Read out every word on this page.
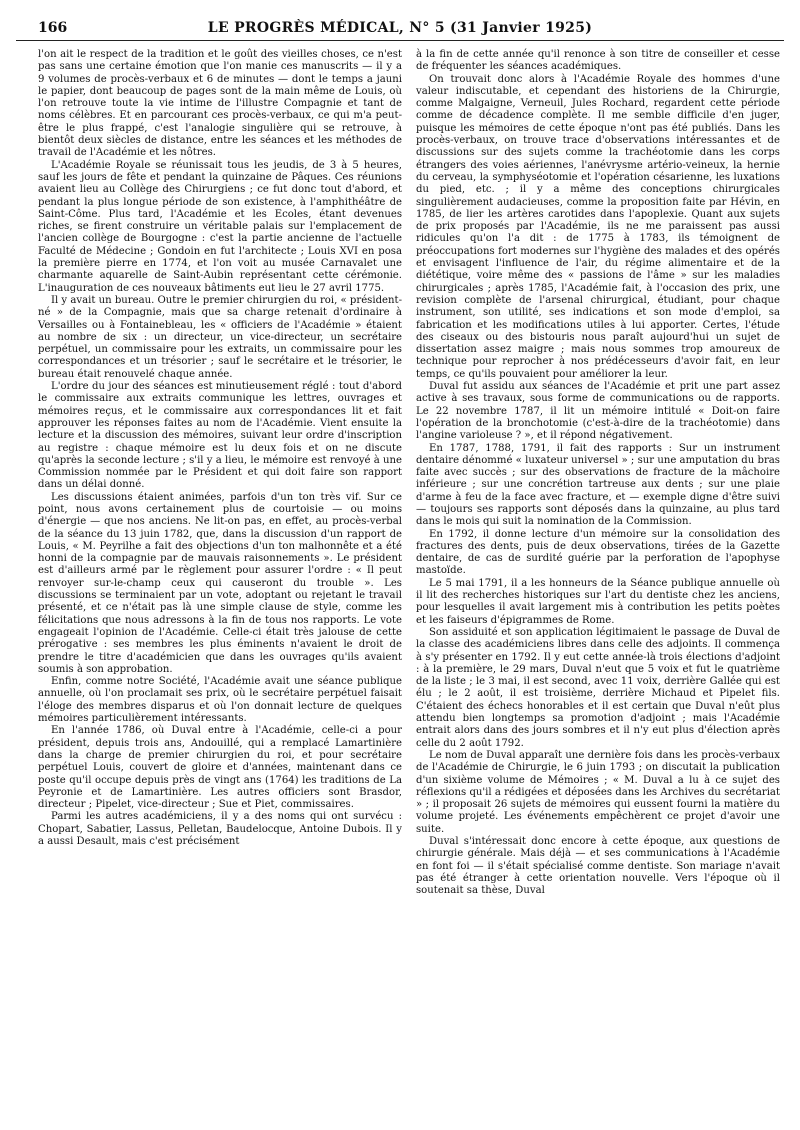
166	LE PROGRÈS MÉDICAL, N° 5 (31 Janvier 1925)

l'on ait le respect de la tradition et le goût des vieilles choses, ce n'est pas sans une certaine émotion que l'on manie ces manuscrits — il y a 9 volumes de procès-verbaux et 6 de minutes — dont le temps a jauni le papier, dont beaucoup de pages sont de la main même de Louis, où l'on retrouve toute la vie intime de l'illustre Compagnie et tant de noms célèbres. Et en parcourant ces procès-verbaux, ce qui m'a peut-être le plus frappé, c'est l'analogie singulière qui se retrouve, à bientôt deux siècles de distance, entre les séances et les méthodes de travail de l'Académie et les nôtres.

L'Académie Royale se réunissait tous les jeudis, de 3 à 5 heures, sauf les jours de fête et pendant la quinzaine de Pâques. Ces réunions avaient lieu au Collège des Chirurgiens ; ce fut donc tout d'abord, et pendant la plus longue période de son existence, à l'amphithéâtre de Saint-Côme. Plus tard, l'Académie et les Ecoles, étant devenues riches, se firent construire un véritable palais sur l'emplacement de l'ancien collège de Bourgogne : c'est la partie ancienne de l'actuelle Faculté de Médecine ; Gondoin en fut l'architecte ; Louis XVI en posa la première pierre en 1774, et l'on voit au musée Carnavalet une charmante aquarelle de Saint-Aubin représentant cette cérémonie. L'inauguration de ces nouveaux bâtiments eut lieu le 27 avril 1775.

Il y avait un bureau. Outre le premier chirurgien du roi, « président-né » de la Compagnie, mais que sa charge retenait d'ordinaire à Versailles ou à Fontainebleau, les « officiers de l'Académie » étaient au nombre de six : un directeur, un vice-directeur, un secrétaire perpétuel, un commissaire pour les extraits, un commissaire pour les correspondances et un trésorier ; sauf le secrétaire et le trésorier, le bureau était renouvelé chaque année.

L'ordre du jour des séances est minutieusement réglé : tout d'abord le commissaire aux extraits communique les lettres, ouvrages et mémoires reçus, et le commissaire aux correspondances lit et fait approuver les réponses faites au nom de l'Académie. Vient ensuite la lecture et la discussion des mémoires, suivant leur ordre d'inscription au registre : chaque mémoire est lu deux fois et on ne discute qu'après la seconde lecture ; s'il y a lieu, le mémoire est renvoyé à une Commission nommée par le Président et qui doit faire son rapport dans un délai donné.

Les discussions étaient animées, parfois d'un ton très vif. Sur ce point, nous avons certainement plus de courtoisie — ou moins d'énergie — que nos anciens. Ne lit-on pas, en effet, au procès-verbal de la séance du 13 juin 1782, que, dans la discussion d'un rapport de Louis, « M. Peyrilhe a fait des objections d'un ton malhonnête et a été honni de la compagnie par de mauvais raisonnements ». Le président est d'ailleurs armé par le règlement pour assurer l'ordre : « Il peut renvoyer sur-le-champ ceux qui causeront du trouble ». Les discussions se terminaient par un vote, adoptant ou rejetant le travail présenté, et ce n'était pas là une simple clause de style, comme les félicitations que nous adressons à la fin de tous nos rapports. Le vote engageait l'opinion de l'Académie. Celle-ci était très jalouse de cette prérogative : ses membres les plus éminents n'avaient le droit de prendre le titre d'académicien que dans les ouvrages qu'ils avaient soumis à son approbation.

Enfin, comme notre Société, l'Académie avait une séance publique annuelle, où l'on proclamait ses prix, où le secrétaire perpétuel faisait l'éloge des membres disparus et où l'on donnait lecture de quelques mémoires particulièrement intéressants.

En l'année 1786, où Duval entre à l'Académie, celle-ci a pour président, depuis trois ans, Andouillé, qui a remplacé Lamartinière dans la charge de premier chirurgien du roi, et pour secrétaire perpétuel Louis, couvert de gloire et d'années, maintenant dans ce poste qu'il occupe depuis près de vingt ans (1764) les traditions de La Peyronie et de Lamartinière. Les autres officiers sont Brasdor, directeur ; Pipelet, vice-directeur ; Sue et Piet, commissaires.

Parmi les autres académiciens, il y a des noms qui ont survécu : Chopart, Sabatier, Lassus, Pelletan, Baudelocque, Antoine Dubois. Il y a aussi Desault, mais c'est précisément

à la fin de cette année qu'il renonce à son titre de conseiller et cesse de fréquenter les séances académiques.

On trouvait donc alors à l'Académie Royale des hommes d'une valeur indiscutable, et cependant des historiens de la Chirurgie, comme Malgaigne, Verneuil, Jules Rochard, regardent cette période comme de décadence complète. Il me semble difficile d'en juger, puisque les mémoires de cette époque n'ont pas été publiés. Dans les procès-verbaux, on trouve trace d'observations intéressantes et de discussions sur des sujets comme la trachéotomie dans les corps étrangers des voies aériennes, l'anévrysme artério-veineux, la hernie du cerveau, la symphyséotomie et l'opération césarienne, les luxations du pied, etc. ; il y a même des conceptions chirurgicales singulièrement audacieuses, comme la proposition faite par Hévin, en 1785, de lier les artères carotides dans l'apoplexie. Quant aux sujets de prix proposés par l'Académie, ils ne me paraissent pas aussi ridicules qu'on l'a dit : de 1775 à 1783, ils témoignent de préoccupations fort modernes sur l'hygiène des malades et des opérés et envisagent l'influence de l'air, du régime alimentaire et de la diététique, voire même des « passions de l'âme » sur les maladies chirurgicales ; après 1785, l'Académie fait, à l'occasion des prix, une revision complète de l'arsenal chirurgical, étudiant, pour chaque instrument, son utilité, ses indications et son mode d'emploi, sa fabrication et les modifications utiles à lui apporter. Certes, l'étude des ciseaux ou des bistouris nous paraît aujourd'hui un sujet de dissertation assez maigre ; mais nous sommes trop amoureux de technique pour reprocher à nos prédécesseurs d'avoir fait, en leur temps, ce qu'ils pouvaient pour améliorer la leur.

Duval fut assidu aux séances de l'Académie et prit une part assez active à ses travaux, sous forme de communications ou de rapports. Le 22 novembre 1787, il lit un mémoire intitulé « Doit-on faire l'opération de la bronchotomie (c'est-à-dire de la trachéotomie) dans l'angine varioleuse ? », et il répond négativement.

En 1787, 1788, 1791, il fait des rapports : Sur un instrument dentaire dénommé « luxateur universel » ; sur une amputation du bras faite avec succès ; sur des observations de fracture de la mâchoire inférieure ; sur une concrétion tartreuse aux dents ; sur une plaie d'arme à feu de la face avec fracture, et — exemple digne d'être suivi — toujours ses rapports sont déposés dans la quinzaine, au plus tard dans le mois qui suit la nomination de la Commission.

En 1792, il donne lecture d'un mémoire sur la consolidation des fractures des dents, puis de deux observations, tirées de la Gazette dentaire, de cas de surdité guérie par la perforation de l'apophyse mastoïde.

Le 5 mai 1791, il a les honneurs de la Séance publique annuelle où il lit des recherches historiques sur l'art du dentiste chez les anciens, pour lesquelles il avait largement mis à contribution les petits poètes et les faiseurs d'épigrammes de Rome.

Son assiduité et son application légitimaient le passage de Duval de la classe des académiciens libres dans celle des adjoints. Il commença à s'y présenter en 1792. Il y eut cette année-là trois élections d'adjoint : à la première, le 29 mars, Duval n'eut que 5 voix et fut le quatrième de la liste ; le 3 mai, il est second, avec 11 voix, derrière Gallée qui est élu ; le 2 août, il est troisième, derrière Michaud et Pipelet fils. C'étaient des échecs honorables et il est certain que Duval n'eût plus attendu bien longtemps sa promotion d'adjoint ; mais l'Académie entrait alors dans des jours sombres et il n'y eut plus d'élection après celle du 2 août 1792.

Le nom de Duval apparaît une dernière fois dans les procès-verbaux de l'Académie de Chirurgie, le 6 juin 1793 ; on discutait la publication d'un sixième volume de Mémoires ; « M. Duval a lu à ce sujet des réflexions qu'il a rédigées et déposées dans les Archives du secrétariat » ; il proposait 26 sujets de mémoires qui eussent fourni la matière du volume projeté. Les événements empêchèrent ce projet d'avoir une suite.

Duval s'intéressait donc encore à cette époque, aux questions de chirurgie générale. Mais déjà — et ses communications à l'Académie en font foi — il s'était spécialisé comme dentiste. Son mariage n'avait pas été étranger à cette orientation nouvelle. Vers l'époque où il soutenait sa thèse, Duval
